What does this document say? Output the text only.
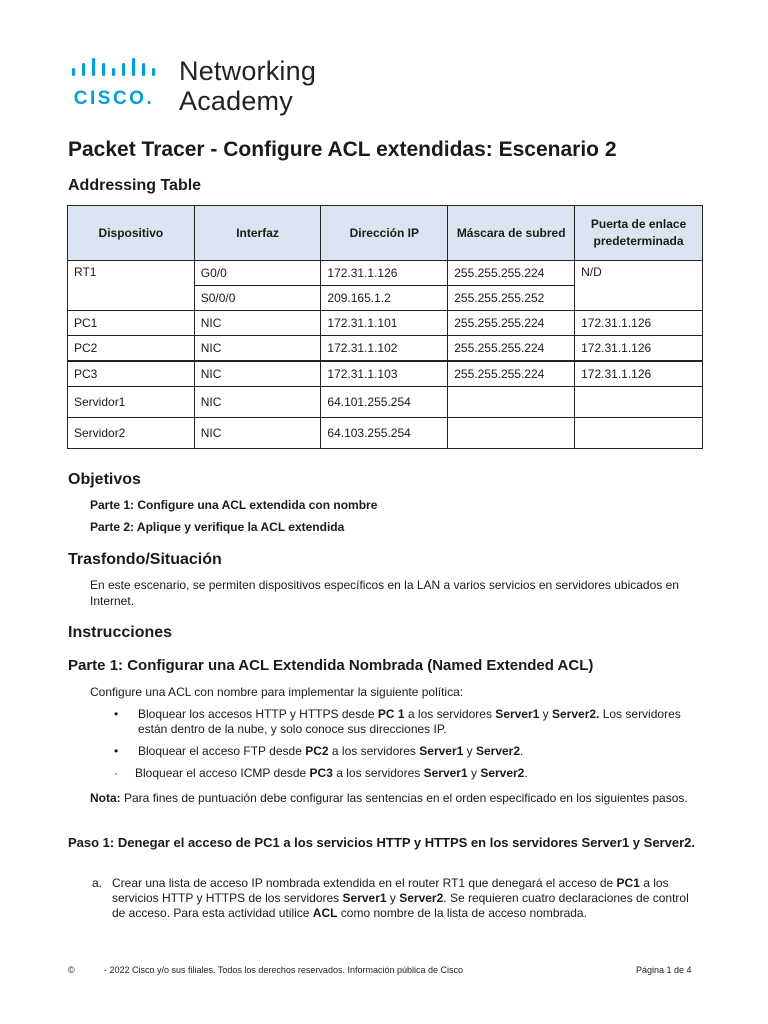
CISCO.
Networking
Academy
Packet Tracer - Configure ACL extendidas: Escenario 2
Addressing Table
Dispositivo	Interfaz	Dirección IP	Máscara de subred	Puerta de enlace predeterminada
RT1	G0/0	172.31.1.126	255.255.255.224	N/D
	S0/0/0	209.165.1.2	255.255.255.252	
PC1	NIC	172.31.1.101	255.255.255.224	172.31.1.126
PC2	NIC	172.31.1.102	255.255.255.224	172.31.1.126
PC3	NIC	172.31.1.103	255.255.255.224	172.31.1.126
Servidor1	NIC	64.101.255.254		
Servidor2	NIC	64.103.255.254		
Objetivos
Parte 1: Configure una ACL extendida con nombre
Parte 2: Aplique y verifique la ACL extendida
Trasfondo/Situación
En este escenario, se permiten dispositivos específicos en la LAN a varios servicios en servidores ubicados en Internet.
Instrucciones
Parte 1: Configurar una ACL Extendida Nombrada (Named Extended ACL)
Configure una ACL con nombre para implementar la siguiente política:
• Bloquear los accesos HTTP y HTTPS desde PC 1 a los servidores Server1 y Server2. Los servidores están dentro de la nube, y solo conoce sus direcciones IP.
• Bloquear el acceso FTP desde PC2 a los servidores Server1 y Server2.
· Bloquear el acceso ICMP desde PC3 a los servidores Server1 y Server2.
Nota: Para fines de puntuación debe configurar las sentencias en el orden especificado en los siguientes pasos.
Paso 1: Denegar el acceso de PC1 a los servicios HTTP y HTTPS en los servidores Server1 y Server2.
a. Crear una lista de acceso IP nombrada extendida en el router RT1 que denegará el acceso de PC1 a los servicios HTTP y HTTPS de los servidores Server1 y Server2. Se requieren cuatro declaraciones de control de acceso. Para esta actividad utilice ACL como nombre de la lista de acceso nombrada.
©	- 2022 Cisco y/o sus filiales. Todos los derechos reservados. Información pública de Cisco	Página 1 de 4
